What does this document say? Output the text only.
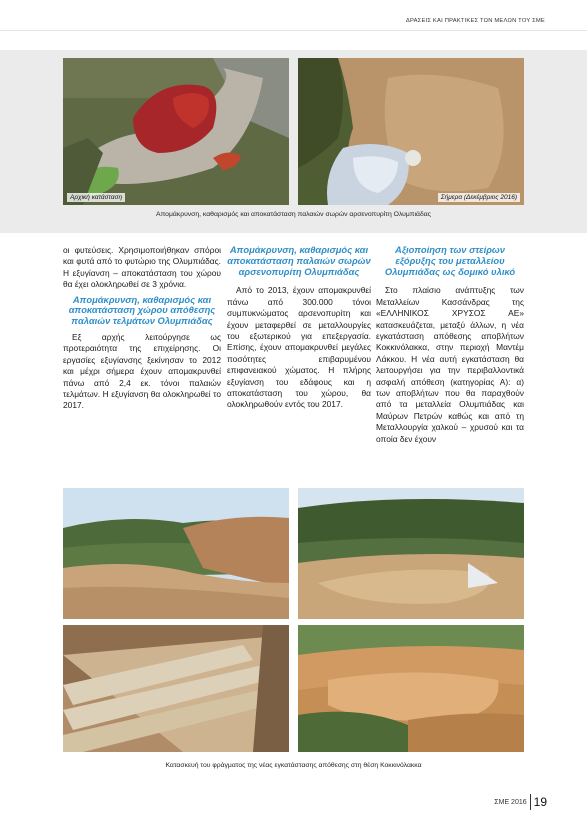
ΔΡΑΣΕΙΣ ΚΑΙ ΠΡΑΚΤΙΚΕΣ ΤΩΝ ΜΕΛΩΝ ΤΟΥ ΣΜΕ
Αρχική κατάσταση	Σήμερα (Δεκέμβριος 2016)
Απομάκρυνση, καθαρισμός και αποκατάσταση παλαιών σωρών αρσενοπυρίτη Ολυμπιάδας

οι φυτεύσεις. Χρησιμοποιήθηκαν σπόροι και φυτά από το φυτώριο της Ολυμπιάδας. Η εξυγίανση – αποκατάσταση του χώρου θα έχει ολοκληρωθεί σε 3 χρόνια.

Απομάκρυνση, καθαρισμός και αποκατάσταση χώρου απόθεσης παλαιών τελμάτων Ολυμπιάδας

Εξ αρχής λειτούργησε ως προτεραιότητα της επιχείρησης. Οι εργασίες εξυγίανσης ξεκίνησαν το 2012 και μέχρι σήμερα έχουν απομακρυνθεί πάνω από 2,4 εκ. τόνοι παλαιών τελμάτων. Η εξυγίανση θα ολοκληρωθεί το 2017.

Απομάκρυνση, καθαρισμός και αποκατάσταση παλαιών σωρών αρσενοπυρίτη Ολυμπιάδας

Από το 2013, έχουν απομακρυνθεί πάνω από 300.000 τόνοι συμπυκνώματος αρσενοπυρίτη και έχουν μεταφερθεί σε μεταλλουργίες του εξωτερικού για επεξεργασία. Επίσης, έχουν απομακρυνθεί μεγάλες ποσότητες επιβαρυμένου επιφανειακού χώματος. Η πλήρης εξυγίανση του εδάφους και η αποκατάσταση του χώρου, θα ολοκληρωθούν εντός του 2017.

Αξιοποίηση των στείρων εξόρυξης του μεταλλείου Ολυμπιάδας ως δομικό υλικό

Στο πλαίσιο ανάπτυξης των Μεταλλείων Κασσάνδρας της «ΕΛΛΗΝΙΚΟΣ ΧΡΥΣΟΣ ΑΕ» κατασκευάζεται, μεταξύ άλλων, η νέα εγκατάσταση απόθεσης αποβλήτων Κοκκινόλακκα, στην περιοχή Μαντέμ Λάκκου. Η νέα αυτή εγκατάσταση θα λειτουργήσει για την περιβαλλοντικά ασφαλή απόθεση (κατηγορίας Α): α) των αποβλήτων που θα παραχθούν από τα μεταλλεία Ολυμπιάδας και Μαύρων Πετρών καθώς και από τη Μεταλλουργία χαλκού – χρυσού και τα οποία δεν έχουν

Κατασκευή του φράγματος της νέας εγκατάστασης απόθεσης στη θέση Κοκκινόλακκα
ΣΜΕ 2016 19
